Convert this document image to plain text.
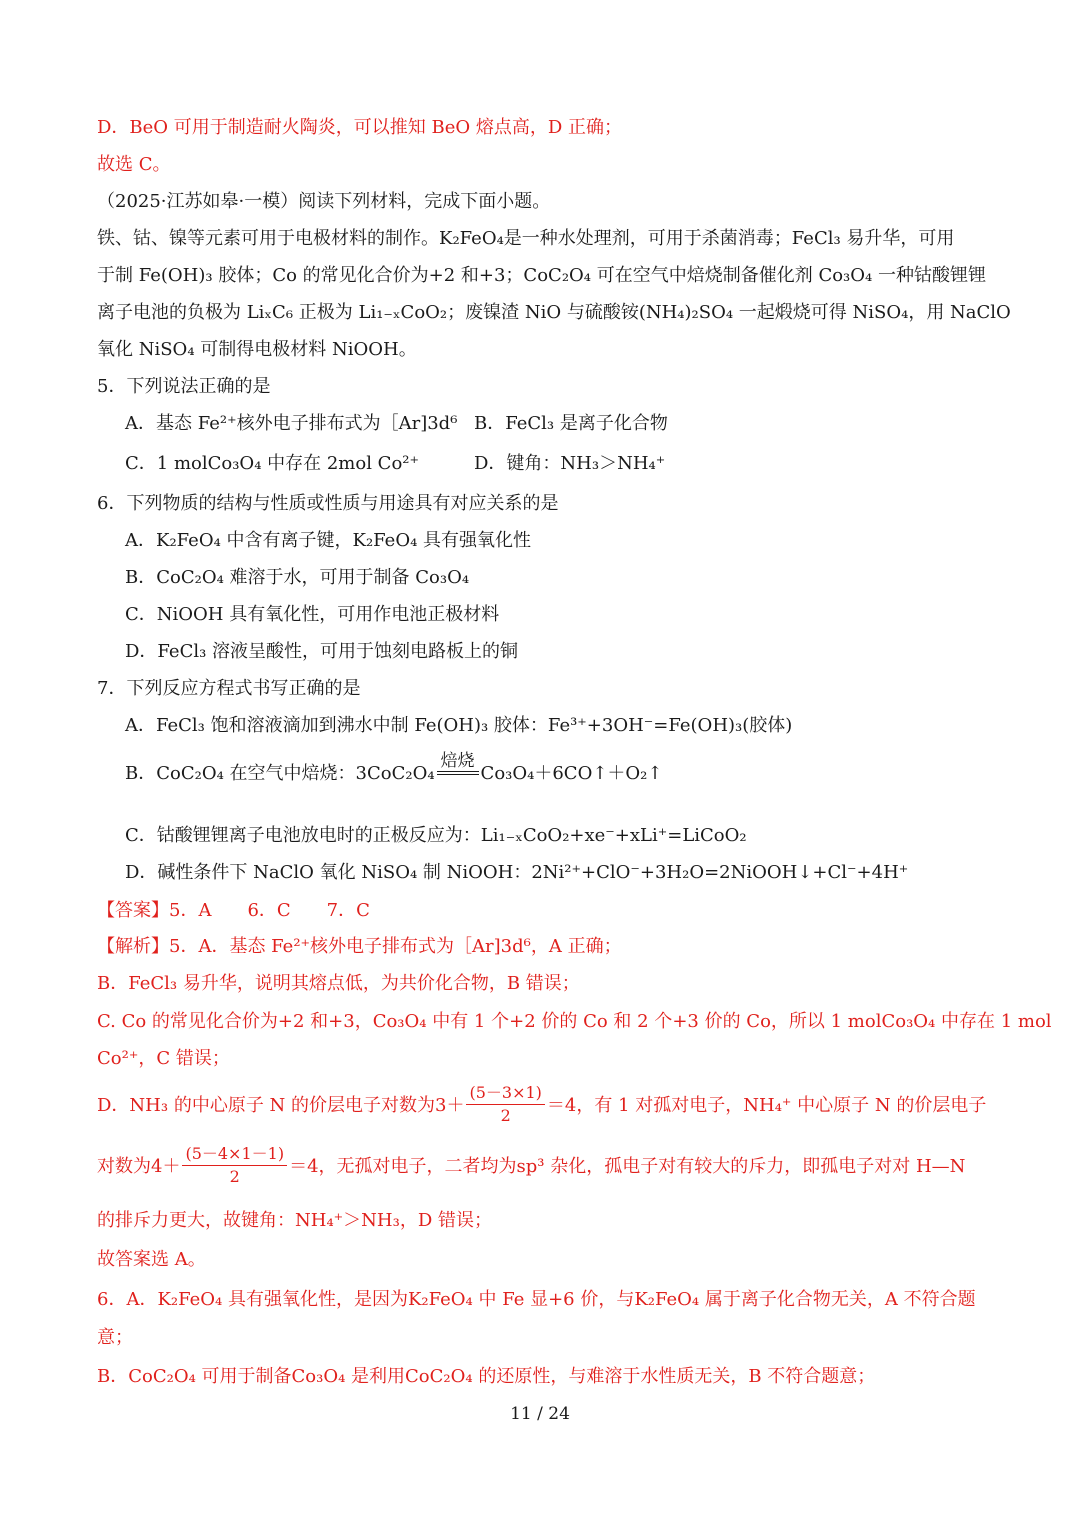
D．BeO 可用于制造耐火陶炎，可以推知 BeO 熔点高，D 正确；
故选 C。
（2025·江苏如皋·一模）阅读下列材料，完成下面小题。
铁、钴、镍等元素可用于电极材料的制作。K₂FeO₄是一种水处理剂，可用于杀菌消毒；FeCl₃ 易升华，可用
于制 Fe(OH)₃ 胶体；Co 的常见化合价为+2 和+3；CoC₂O₄ 可在空气中焙烧制备催化剂 Co₃O₄ 一种钴酸锂锂
离子电池的负极为 LiₓC₆ 正极为 Li₁₋ₓCoO₂；废镍渣 NiO 与硫酸铵(NH₄)₂SO₄ 一起煅烧可得 NiSO₄，用 NaClO
氧化 NiSO₄ 可制得电极材料 NiOOH。
5．下列说法正确的是
A．基态 Fe²⁺核外电子排布式为［Ar]3d⁶ B．FeCl₃ 是离子化合物
C．1 molCo₃O₄ 中存在 2mol Co²⁺	D．键角：NH₃＞NH₄⁺
6．下列物质的结构与性质或性质与用途具有对应关系的是
A．K₂FeO₄ 中含有离子键，K₂FeO₄ 具有强氧化性
B．CoC₂O₄ 难溶于水，可用于制备 Co₃O₄
C．NiOOH 具有氧化性，可用作电池正极材料
D．FeCl₃ 溶液呈酸性，可用于蚀刻电路板上的铜
7．下列反应方程式书写正确的是
A．FeCl₃ 饱和溶液滴加到沸水中制 Fe(OH)₃ 胶体：Fe³⁺+3OH⁻=Fe(OH)₃(胶体)
B．CoC₂O₄ 在空气中焙烧：3CoC₂O₄
焙烧
Co₃O₄＋6CO↑＋O₂↑
C．钴酸锂锂离子电池放电时的正极反应为：Li₁₋ₓCoO₂+xe⁻+xLi⁺=LiCoO₂
D．碱性条件下 NaClO 氧化 NiSO₄ 制 NiOOH：2Ni²⁺+ClO⁻+3H₂O=2NiOOH↓+Cl⁻+4H⁺
【答案】5．A　　6．C　　7．C
【解析】5．A．基态 Fe²⁺核外电子排布式为［Ar]3d⁶，A 正确；
B．FeCl₃ 易升华，说明其熔点低，为共价化合物，B 错误；
C. Co 的常见化合价为+2 和+3，Co₃O₄ 中有 1 个+2 价的 Co 和 2 个+3 价的 Co，所以 1 molCo₃O₄ 中存在 1 mol
Co²⁺，C 错误；
D．NH₃ 的中心原子 N 的价层电子对数为$3+ \frac{(5-3\times 1)}{2} =4$，有 1 对孤对电子，NH₄⁺ 中心原子 N 的价层电子
对数为$4+ \frac{(5-4\times 1-1)}{2} =4$，无孤对电子，二者均为sp³ 杂化，孤电子对有较大的斥力，即孤电子对对 H—N
的排斥力更大，故键角：NH₄⁺＞NH₃，D 错误；
故答案选 A。
6．A．K₂FeO₄ 具有强氧化性，是因为K₂FeO₄ 中 Fe 显+6 价，与K₂FeO₄ 属于离子化合物无关，A 不符合题
意；
B．CoC₂O₄ 可用于制备Co₃O₄ 是利用CoC₂O₄ 的还原性，与难溶于水性质无关，B 不符合题意；
11 / 24
